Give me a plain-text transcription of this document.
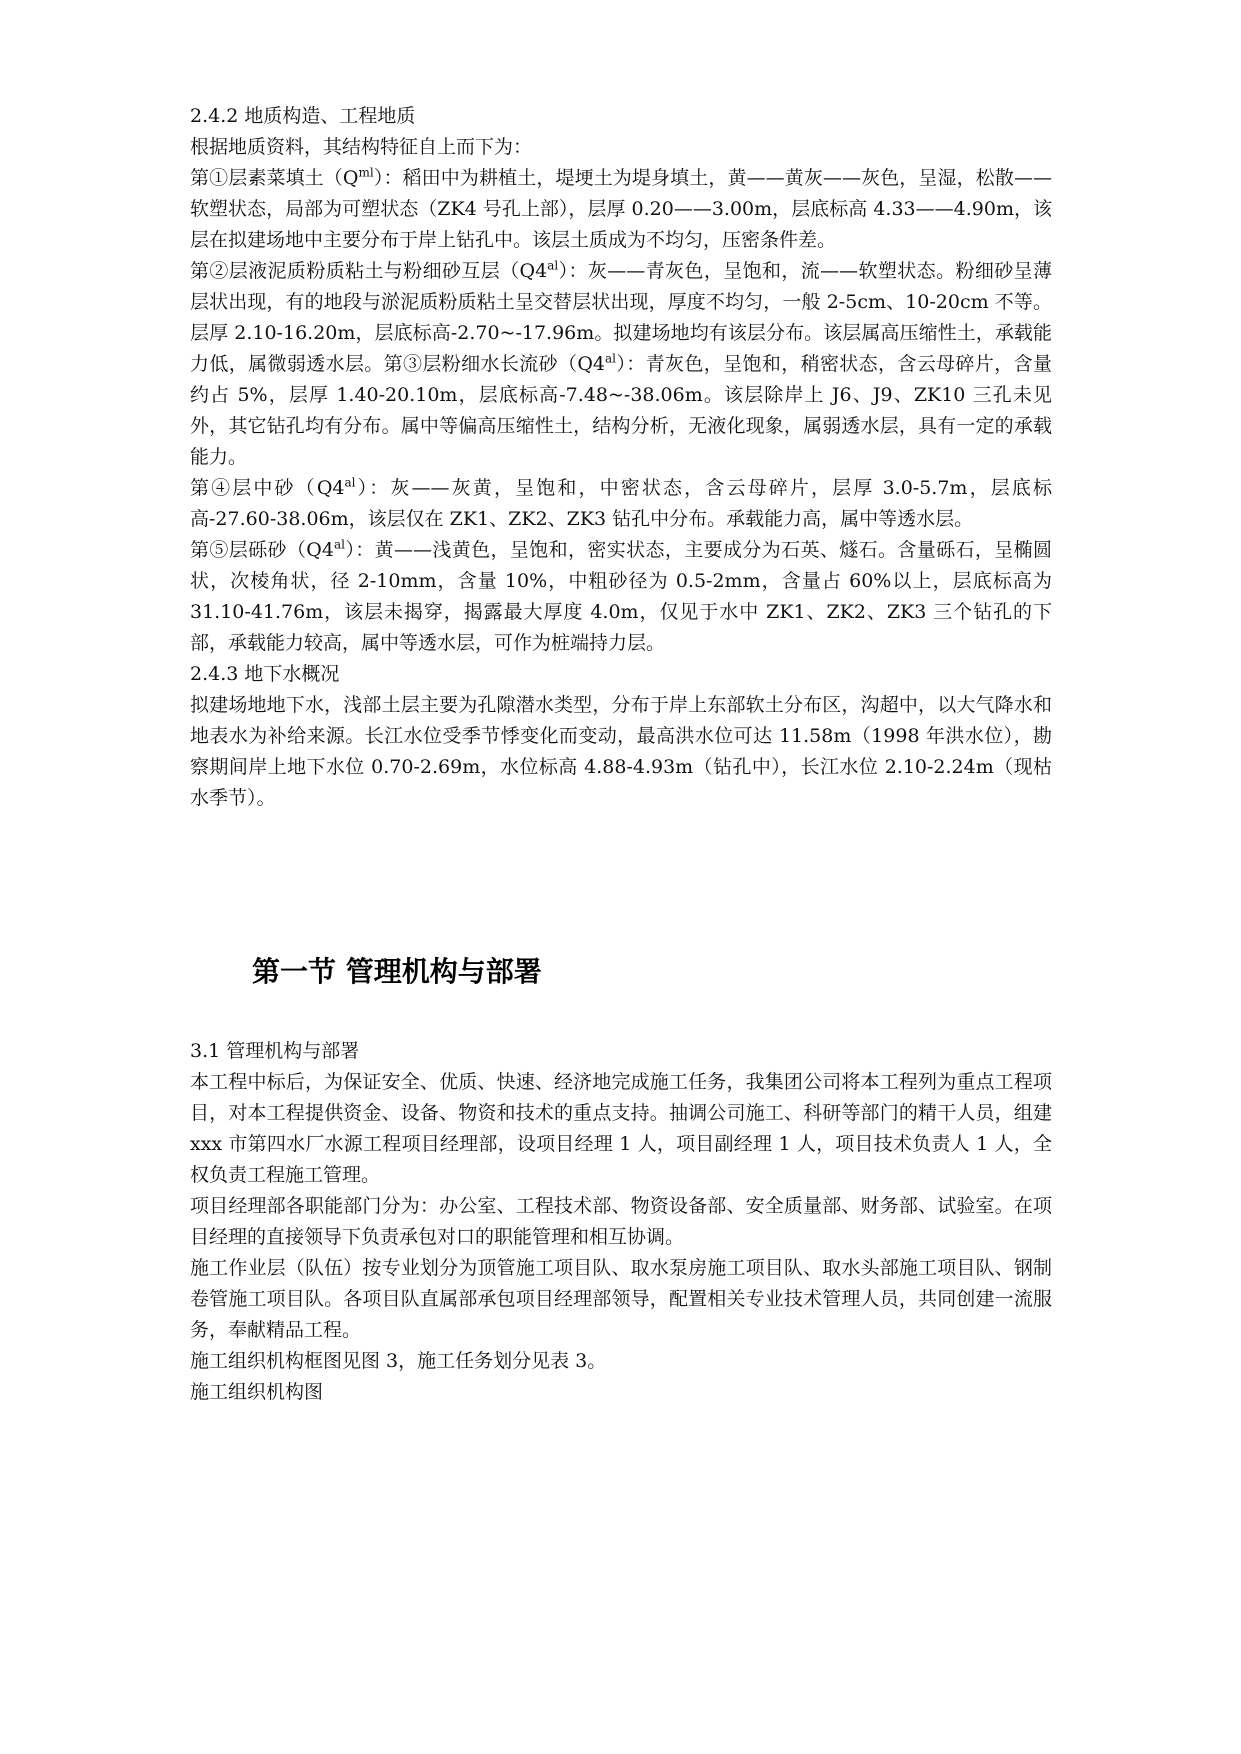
2.4.2 地质构造、工程地质

根据地质资料，其结构特征自上而下为：

第①层素菜填土$(Q^{ml})$：稻田中为耕植土，堤埂土为堤身填土，黄——黄灰——灰色，呈湿，松散——软塑状态，局部为可塑状态（ZK4 号孔上部），层厚 0.20——3.00m，层底标高 4.33——4.90m，该层在拟建场地中主要分布于岸上钻孔中。该层土质成为不均匀，压密条件差。

第②层液泥质粉质粘土与粉细砂互层$(Q4^{al})$：灰——青灰色，呈饱和，流——软塑状态。粉细砂呈薄层状出现，有的地段与淤泥质粉质粘土呈交替层状出现，厚度不均匀，一般 2-5cm、10-20cm 不等。层厚 2.10-16.20m，层底标高-2.70~-17.96m。拟建场地均有该层分布。该层属高压缩性土，承载能力低，属微弱透水层。第③层粉细水长流砂$(Q4^{al})$：青灰色，呈饱和，稍密状态，含云母碎片，含量约占 5%，层厚 1.40-20.10m，层底标高-7.48~-38.06m。该层除岸上 J6、J9、ZK10 三孔未见外，其它钻孔均有分布。属中等偏高压缩性土，结构分析，无液化现象，属弱透水层，具有一定的承载能力。

第④层中砂$(Q4^{al})$：灰——灰黄，呈饱和，中密状态，含云母碎片，层厚 3.0-5.7m，层底标高-27.60-38.06m，该层仅在 ZK1、ZK2、ZK3 钻孔中分布。承载能力高，属中等透水层。

第⑤层砾砂$(Q4^{al})$：黄——浅黄色，呈饱和，密实状态，主要成分为石英、燧石。含量砾石，呈椭圆状，次棱角状，径 2-10mm，含量 10%，中粗砂径为 0.5-2mm，含量占 60%以上，层底标高为 31.10-41.76m，该层未揭穿，揭露最大厚度 4.0m，仅见于水中 ZK1、ZK2、ZK3 三个钻孔的下部，承载能力较高，属中等透水层，可作为桩端持力层。

2.4.3 地下水概况

拟建场地地下水，浅部土层主要为孔隙潜水类型，分布于岸上东部软土分布区，沟超中，以大气降水和地表水为补给来源。长江水位受季节悸变化而变动，最高洪水位可达 11.58m（1998 年洪水位），勘察期间岸上地下水位 0.70-2.69m，水位标高 4.88-4.93m（钻孔中），长江水位 2.10-2.24m（现枯水季节）。

第一节 管理机构与部署

3.1 管理机构与部署

本工程中标后，为保证安全、优质、快速、经济地完成施工任务，我集团公司将本工程列为重点工程项目，对本工程提供资金、设备、物资和技术的重点支持。抽调公司施工、科研等部门的精干人员，组建 xxx 市第四水厂水源工程项目经理部，设项目经理 1 人，项目副经理 1 人，项目技术负责人 1 人，全权负责工程施工管理。

项目经理部各职能部门分为：办公室、工程技术部、物资设备部、安全质量部、财务部、试验室。在项目经理的直接领导下负责承包对口的职能管理和相互协调。

施工作业层（队伍）按专业划分为顶管施工项目队、取水泵房施工项目队、取水头部施工项目队、钢制卷管施工项目队。各项目队直属部承包项目经理部领导，配置相关专业技术管理人员，共同创建一流服务，奉献精品工程。

施工组织机构框图见图 3，施工任务划分见表 3。

施工组织机构图
